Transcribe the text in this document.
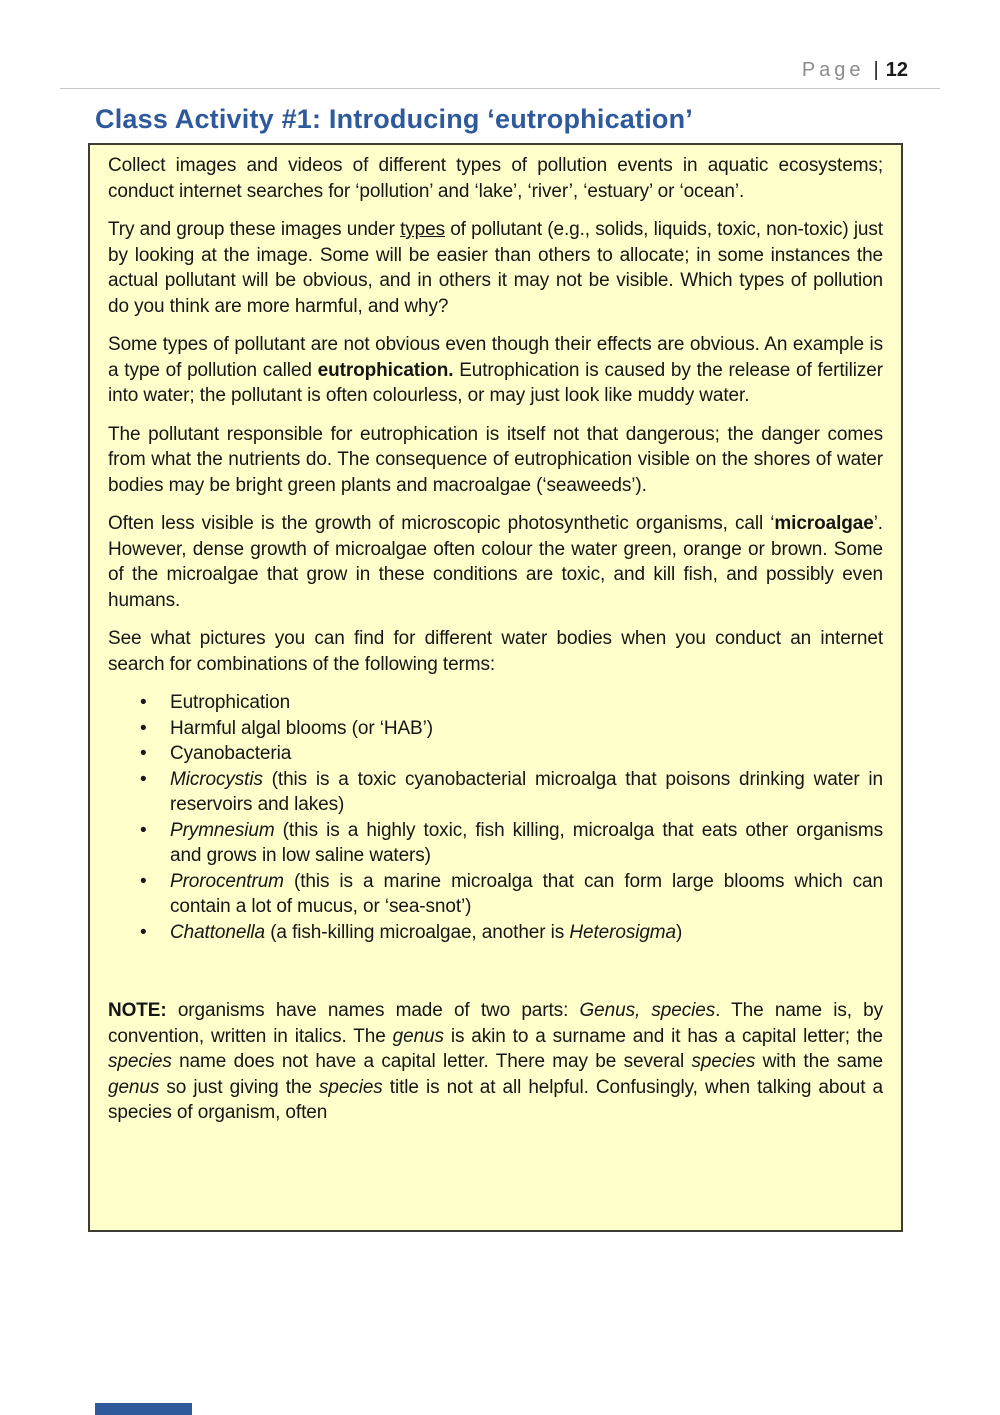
Page | 12
Class Activity #1: Introducing ‘eutrophication’

Collect images and videos of different types of pollution events in aquatic ecosystems; conduct internet searches for ‘pollution’ and ‘lake’, ‘river’, ‘estuary’ or ‘ocean’.

Try and group these images under types of pollutant (e.g., solids, liquids, toxic, non-toxic) just by looking at the image. Some will be easier than others to allocate; in some instances the actual pollutant will be obvious, and in others it may not be visible. Which types of pollution do you think are more harmful, and why?

Some types of pollutant are not obvious even though their effects are obvious. An example is a type of pollution called eutrophication. Eutrophication is caused by the release of fertilizer into water; the pollutant is often colourless, or may just look like muddy water.

The pollutant responsible for eutrophication is itself not that dangerous; the danger comes from what the nutrients do. The consequence of eutrophication visible on the shores of water bodies may be bright green plants and macroalgae (‘seaweeds’).

Often less visible is the growth of microscopic photosynthetic organisms, call ‘microalgae’. However, dense growth of microalgae often colour the water green, orange or brown. Some of the microalgae that grow in these conditions are toxic, and kill fish, and possibly even humans.

See what pictures you can find for different water bodies when you conduct an internet search for combinations of the following terms:

• Eutrophication
• Harmful algal blooms (or ‘HAB’)
• Cyanobacteria
• Microcystis (this is a toxic cyanobacterial microalga that poisons drinking water in reservoirs and lakes)
• Prymnesium (this is a highly toxic, fish killing, microalga that eats other organisms and grows in low saline waters)
• Prorocentrum (this is a marine microalga that can form large blooms which can contain a lot of mucus, or ‘sea-snot’)
• Chattonella (a fish-killing microalgae, another is Heterosigma)

NOTE: organisms have names made of two parts: Genus, species. The name is, by convention, written in italics. The genus is akin to a surname and it has a capital letter; the species name does not have a capital letter. There may be several species with the same genus so just giving the species title is not at all helpful. Confusingly, when talking about a species of organism, often
